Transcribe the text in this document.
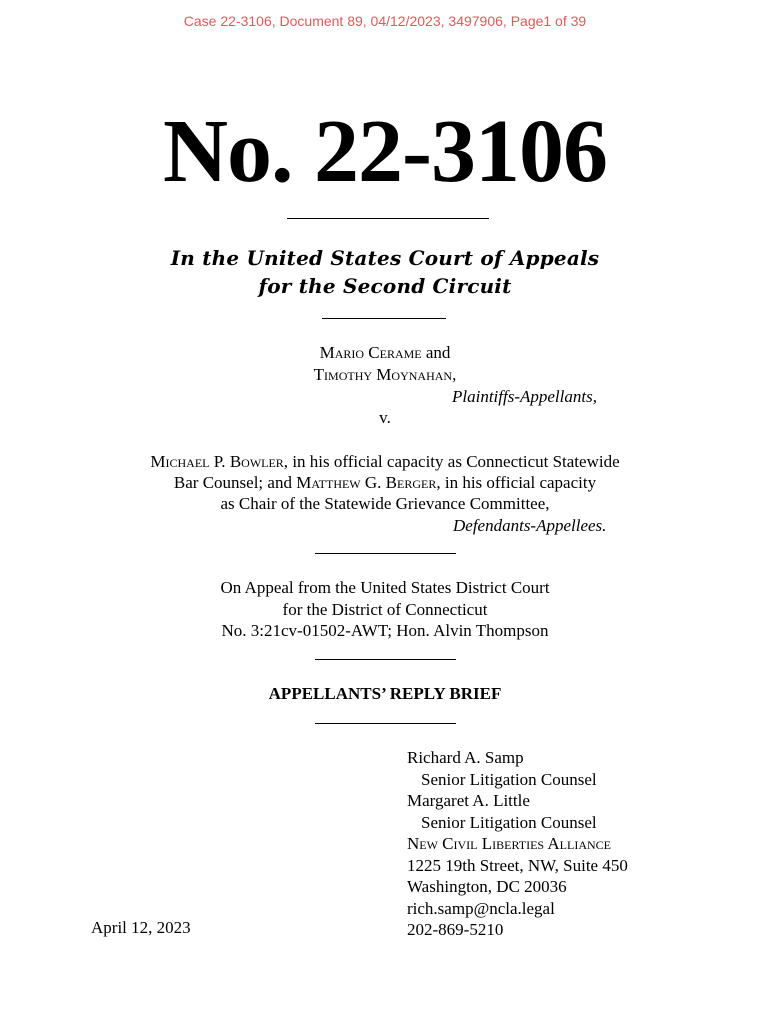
Case 22-3106, Document 89, 04/12/2023, 3497906, Page1 of 39
No. 22-3106
In the United States Court of Appeals
for the Second Circuit
Mario Cerame and
Timothy Moynahan,
Plaintiffs-Appellants,
v.
Michael P. Bowler, in his official capacity as Connecticut Statewide
Bar Counsel; and Matthew G. Berger, in his official capacity
as Chair of the Statewide Grievance Committee,
Defendants-Appellees.
On Appeal from the United States District Court
for the District of Connecticut
No. 3:21cv-01502-AWT; Hon. Alvin Thompson
APPELLANTS’ REPLY BRIEF
Richard A. Samp
Senior Litigation Counsel
Margaret A. Little
Senior Litigation Counsel
New Civil Liberties Alliance
1225 19th Street, NW, Suite 450
Washington, DC 20036
rich.samp@ncla.legal
202-869-5210
April 12, 2023
